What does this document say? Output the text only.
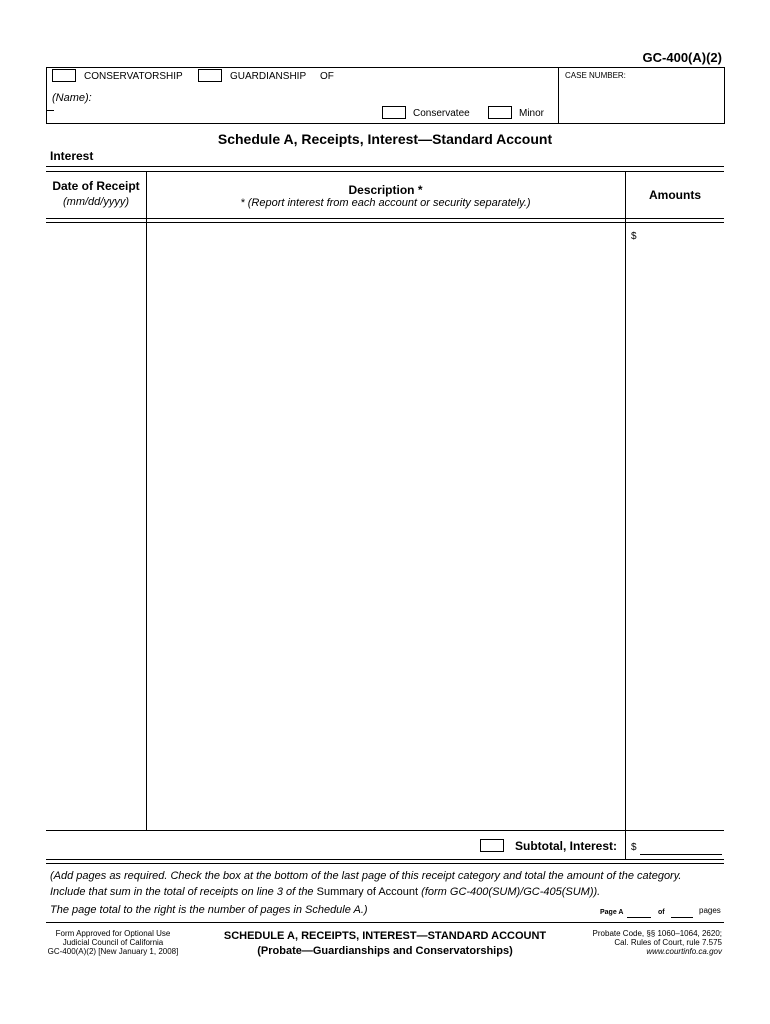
GC-400(A)(2)
CONSERVATORSHIP	GUARDIANSHIP OF	CASE NUMBER:
(Name):
Conservatee	Minor
Schedule A, Receipts, Interest—Standard Account
Interest
Date of Receipt
(mm/dd/yyyy)
Description *
* (Report interest from each account or security separately.)
Amounts
$
Subtotal, Interest: $
(Add pages as required. Check the box at the bottom of the last page of this receipt category and total the amount of the category.
Include that sum in the total of receipts on line 3 of the Summary of Account (form GC-400(SUM)/GC-405(SUM)).
The page total to the right is the number of pages in Schedule A.)	Page A	of	pages
Form Approved for Optional Use
Judicial Council of California
GC-400(A)(2) [New January 1, 2008]
SCHEDULE A, RECEIPTS, INTEREST—STANDARD ACCOUNT
(Probate—Guardianships and Conservatorships)
Probate Code, §§ 1060–1064, 2620;
Cal. Rules of Court, rule 7.575
www.courtinfo.ca.gov
